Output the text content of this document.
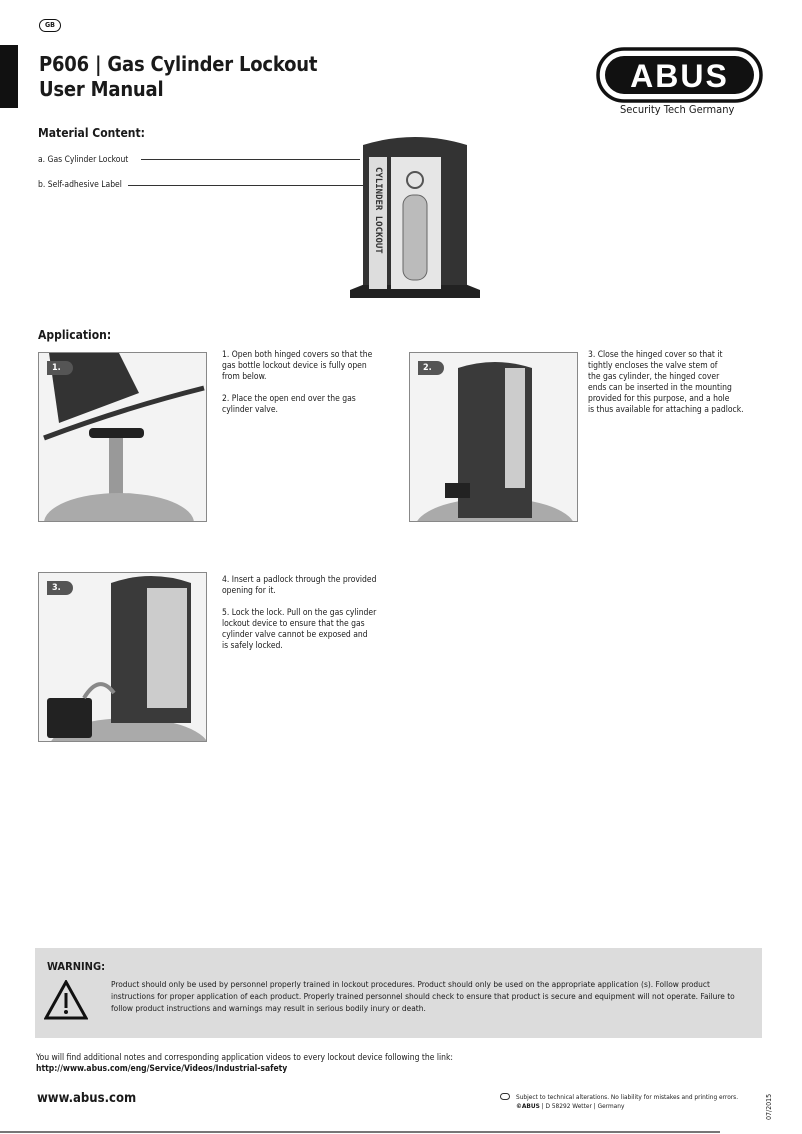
GB
P606 | Gas Cylinder Lockout
User Manual	ABUS
Security Tech Germany
Material Content:
a. Gas Cylinder Lockout
b. Self-adhesive Label	CYLINDER LOCKOUT
Application:
1.
1. Open both hinged covers so that the
gas bottle lockout device is fully open
from below.

2. Place the open end over the gas
cylinder valve.
2.
3. Close the hinged cover so that it
tightly encloses the valve stem of
the gas cylinder, the hinged cover
ends can be inserted in the mounting
provided for this purpose, and a hole
is thus available for attaching a padlock.
3.
4. Insert a padlock through the provided
opening for it.

5. Lock the lock. Pull on the gas cylinder
lockout device to ensure that the gas
cylinder valve cannot be exposed and
is safely locked.
WARNING:

Product should only be used by personnel properly trained in lockout procedures. Product should only be used on the appropriate application (s). Follow product instructions for proper application of each product. Properly trained personnel should check to ensure that product is secure and equipment will not operate. Failure to follow product instructions and warnings may result in serious bodily inury or death.

You will find additional notes and corresponding application videos to every lockout device following the link:
http://www.abus.com/eng/Service/Videos/Industrial-safety
www.abus.com	Subject to technical alterations. No liability for mistakes and printing errors.
©ABUS | D 58292 Wetter | Germany	07/2015
